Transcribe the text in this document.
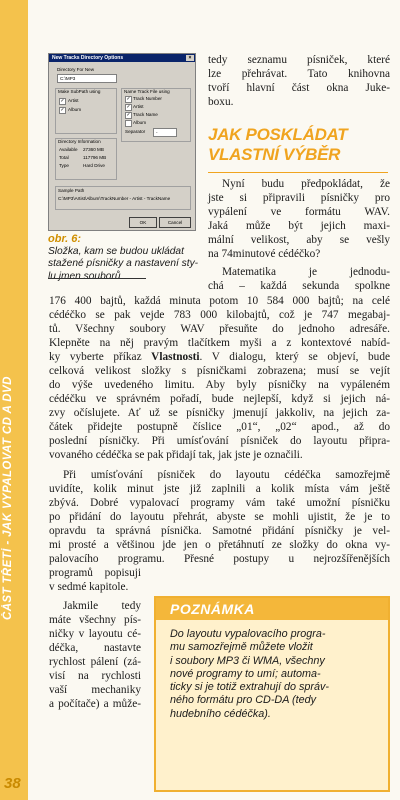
ČÁST TŘETÍ - JAK VYPALOVAT CD A DVD
38
New Tracks Directory Options	×
Directory For New
C:\MP3
Make SubPath using
✓ Artist
✓ Album
Name Track File using
✓ Track Number
✓ Artist
✓ Track Name
Album
Separator	-
Directory Information
Available 27360 MB
Total	117796 MB
Type	Hard Drive
Sample Path
C:\MP3\Artist\Album\TrackNumber - Artist - TrackName
OK	Cancel
obr. 6:
Složka, kam se budou ukládat
stažené písničky a nastavení sty-
lu jmen souborů
tedy seznamu písniček, které
lze přehrávat. Tato knihovna
tvoří hlavní část okna Juke-
boxu.
JAK POSKLÁDAT
VLASTNÍ VÝBĚR
Nyní budu předpokládat, že
jste si připravili písničky pro
vypálení ve formátu WAV.
Jaká může být jejich maxi-
mální velikost, aby se vešly
na 74minutové cédéčko?
Matematika je jednodu-
chá – každá sekunda spolkne
176 400 bajtů, každá minuta potom 10 584 000 bajtů; na celé
cédéčko se pak vejde 783 000 kilobajtů, což je 747 megabaj-
tů. Všechny soubory WAV přesuňte do jednoho adresáře.
Klepněte na něj pravým tlačítkem myši a z kontextové nabíd-
ky vyberte příkaz Vlastnosti. V dialogu, který se objeví, bude
celková velikost složky s písničkami zobrazena; musí se vejít
do výše uvedeného limitu. Aby byly písničky na vypáleném
cédéčku ve správném pořadí, bude nejlepší, když si jejich ná-
zvy očíslujete. Ať už se písničky jmenují jakkoliv, na jejich za-
čátek přidejte postupně číslice „01“, „02“ apod., až do
poslední písničky. Při umísťování písniček do layoutu připra-
vovaného cédéčka se pak přidají tak, jak jste je označili.
Při umísťování písniček do layoutu cédéčka samozřejmě
uvidíte, kolik minut jste již zaplnili a kolik místa vám ještě
zbývá. Dobré vypalovací programy vám také umožní písničku
po přidání do layoutu přehrát, abyste se mohli ujistit, že je to
opravdu ta správná písnička. Samotné přidání písničky je vel-
mi prosté a většinou jde jen o přetáhnutí ze složky do okna vy-
palovacího programu. Přesné postupy u nejrozšířenějších
programů popisuji
v sedmé kapitole.
Jakmile tedy
máte všechny pís-
ničky v layoutu cé-
déčka, nastavte
rychlost pálení (zá-
visí na rychlosti
vaší mechaniky
a počítače) a může-
POZNÁMKA
Do layoutu vypalovacího progra-
mu samozřejmě můžete vložit
i soubory MP3 či WMA, všechny
nové programy to umí; automa-
ticky si je totiž extrahují do správ-
ného formátu pro CD-DA (tedy
hudebního cédéčka).
